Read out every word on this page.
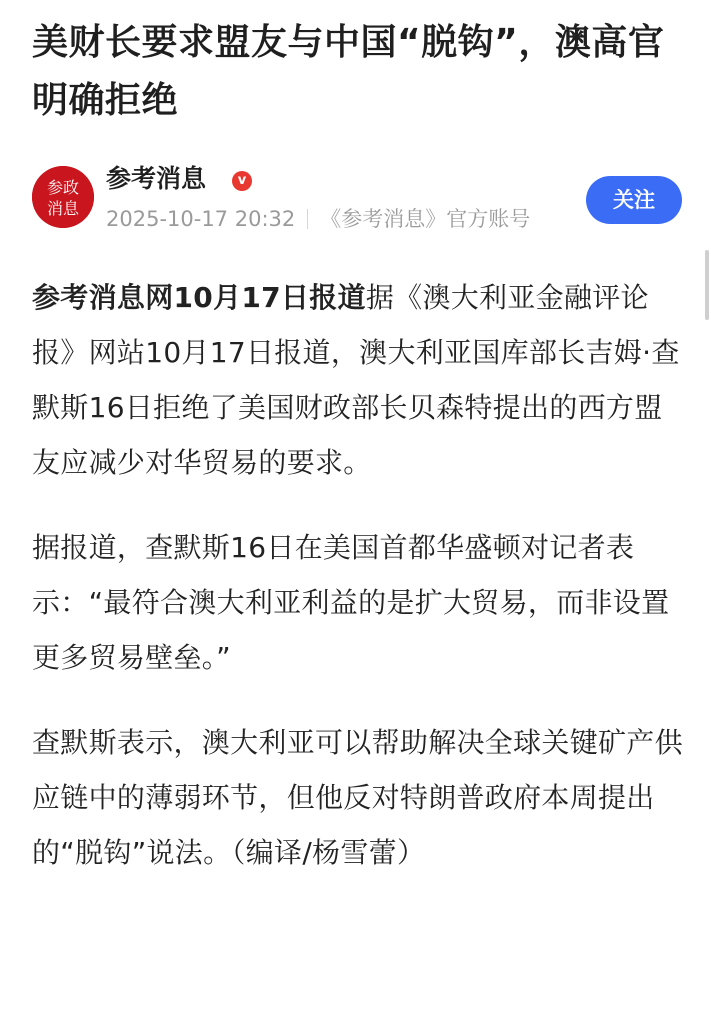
美财长要求盟友与中国“脱钩”，澳高官明确拒绝
参政
消息
参考消息	v
2025-10-17 20:32 《参考消息》官方账号
关注

参考消息网10月17日报道据《澳大利亚金融评论报》网站10月17日报道，澳大利亚国库部长吉姆·查默斯16日拒绝了美国财政部长贝森特提出的西方盟友应减少对华贸易的要求。

据报道，查默斯16日在美国首都华盛顿对记者表示：“最符合澳大利亚利益的是扩大贸易，而非设置更多贸易壁垒。”

查默斯表示，澳大利亚可以帮助解决全球关键矿产供应链中的薄弱环节，但他反对特朗普政府本周提出的“脱钩”说法。（编译/杨雪蕾）
